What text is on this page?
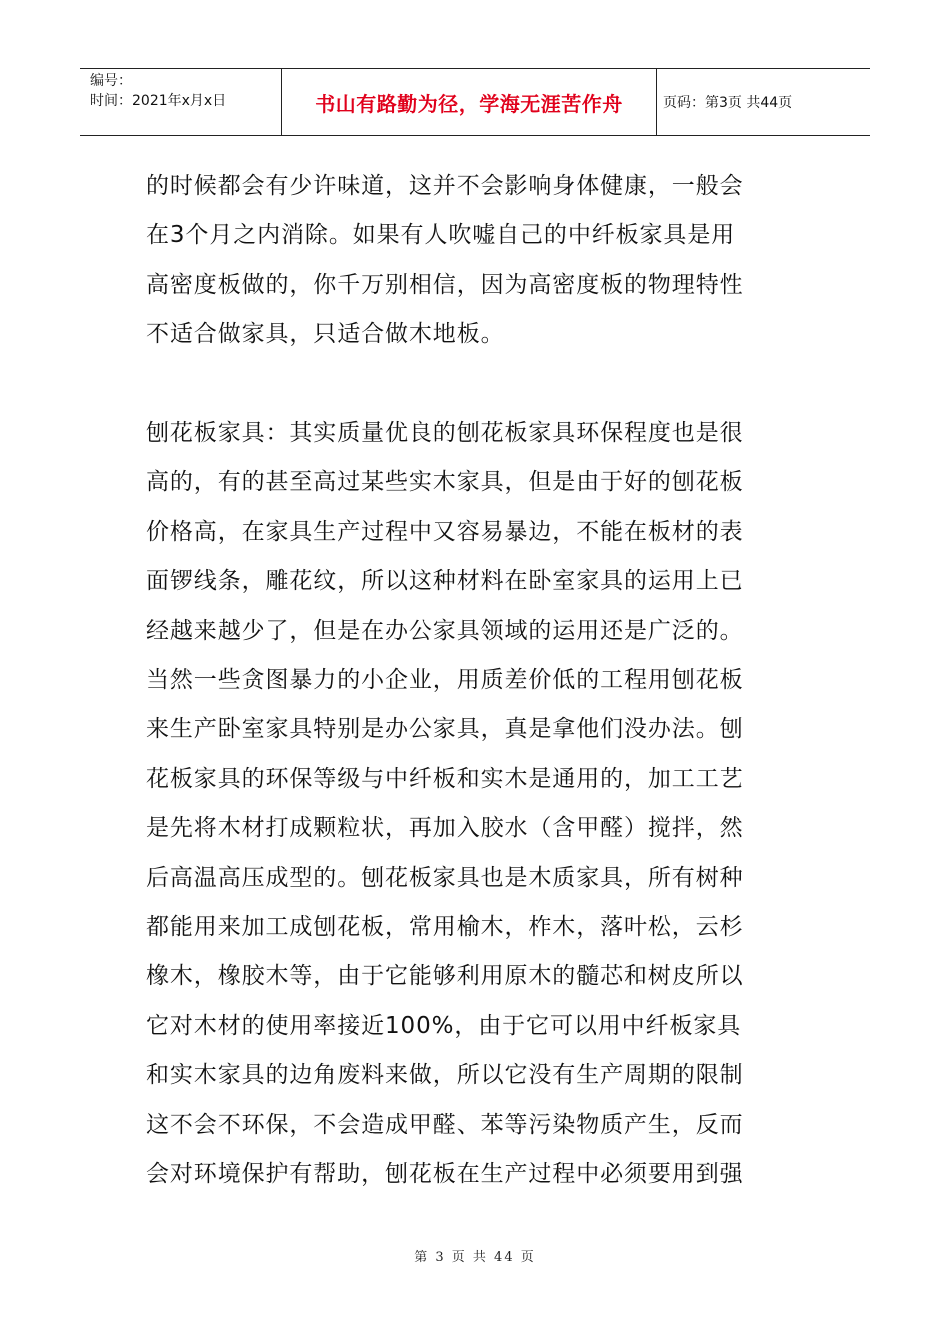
编号：
时间：2021年x月x日	书山有路勤为径，学海无涯苦作舟	页码：第3页 共44页

的时候都会有少许味道，这并不会影响身体健康，一般会

在3个月之内消除。如果有人吹嘘自己的中纤板家具是用

高密度板做的，你千万别相信，因为高密度板的物理特性

不适合做家具，只适合做木地板。

刨花板家具：其实质量优良的刨花板家具环保程度也是很

高的，有的甚至高过某些实木家具，但是由于好的刨花板

价格高，在家具生产过程中又容易暴边，不能在板材的表

面锣线条，雕花纹，所以这种材料在卧室家具的运用上已

经越来越少了，但是在办公家具领域的运用还是广泛的。

当然一些贪图暴力的小企业，用质差价低的工程用刨花板

来生产卧室家具特别是办公家具，真是拿他们没办法。刨

花板家具的环保等级与中纤板和实木是通用的，加工工艺

是先将木材打成颗粒状，再加入胶水（含甲醛）搅拌，然

后高温高压成型的。刨花板家具也是木质家具，所有树种

都能用来加工成刨花板，常用榆木，柞木，落叶松，云杉

橡木，橡胶木等，由于它能够利用原木的髓芯和树皮所以

它对木材的使用率接近100%，由于它可以用中纤板家具

和实木家具的边角废料来做，所以它没有生产周期的限制

这不会不环保，不会造成甲醛、苯等污染物质产生，反而

会对环境保护有帮助，刨花板在生产过程中必须要用到强

第 3 页 共 44 页
